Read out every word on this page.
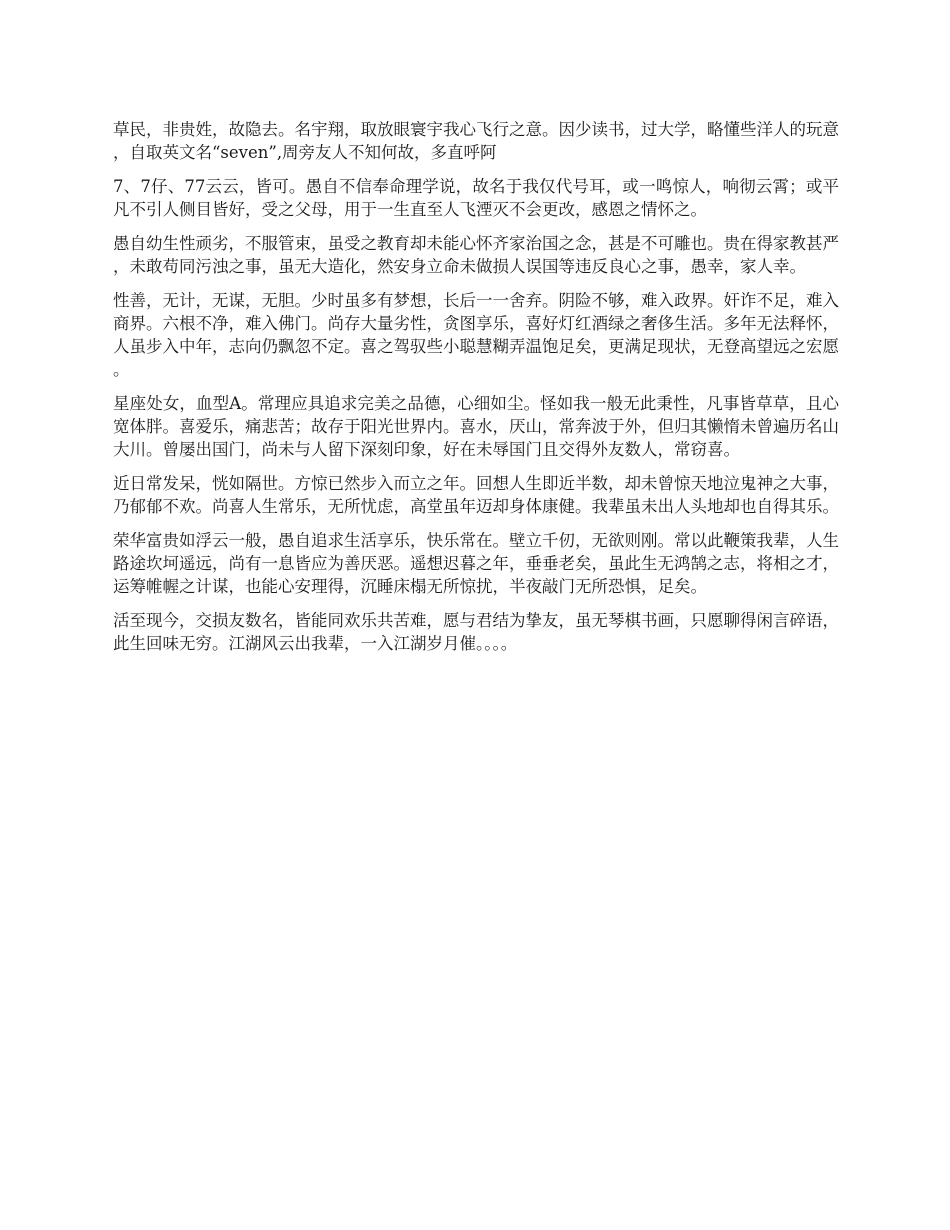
草民，非贵姓，故隐去。名宇翔，取放眼寰宇我心飞行之意。因少读书，过大学，略懂些洋人的玩意，自取英文名“seven”,周旁友人不知何故，多直呼阿

7、7仔、77云云，皆可。愚自不信奉命理学说，故名于我仅代号耳，或一鸣惊人，响彻云霄；或平凡不引人侧目皆好，受之父母，用于一生直至人飞湮灭不会更改，感恩之情怀之。

愚自幼生性顽劣，不服管束，虽受之教育却未能心怀齐家治国之念，甚是不可雕也。贵在得家教甚严，未敢苟同污浊之事，虽无大造化，然安身立命未做损人误国等违反良心之事，愚幸，家人幸。

性善，无计，无谋，无胆。少时虽多有梦想，长后一一舍弃。阴险不够，难入政界。奸诈不足，难入商界。六根不净，难入佛门。尚存大量劣性，贪图享乐，喜好灯红酒绿之奢侈生活。多年无法释怀，人虽步入中年，志向仍飘忽不定。喜之驾驭些小聪慧糊弄温饱足矣，更满足现状，无登高望远之宏愿。

星座处女，血型A。常理应具追求完美之品德，心细如尘。怪如我一般无此秉性，凡事皆草草，且心宽体胖。喜爱乐，痛悲苦；故存于阳光世界内。喜水，厌山，常奔波于外，但归其懒惰未曾遍历名山大川。曾屡出国门，尚未与人留下深刻印象，好在未辱国门且交得外友数人，常窃喜。

近日常发呆，恍如隔世。方惊已然步入而立之年。回想人生即近半数，却未曾惊天地泣鬼神之大事，乃郁郁不欢。尚喜人生常乐，无所忧虑，高堂虽年迈却身体康健。我辈虽未出人头地却也自得其乐。

荣华富贵如浮云一般，愚自追求生活享乐，快乐常在。壁立千仞，无欲则刚。常以此鞭策我辈，人生路途坎坷遥远，尚有一息皆应为善厌恶。遥想迟暮之年，垂垂老矣，虽此生无鸿鹄之志，将相之才，运筹帷幄之计谋，也能心安理得，沉睡床榻无所惊扰，半夜敲门无所恐惧，足矣。

活至现今，交损友数名，皆能同欢乐共苦难，愿与君结为挚友，虽无琴棋书画，只愿聊得闲言碎语，此生回味无穷。江湖风云出我辈，一入江湖岁月催。。。。
